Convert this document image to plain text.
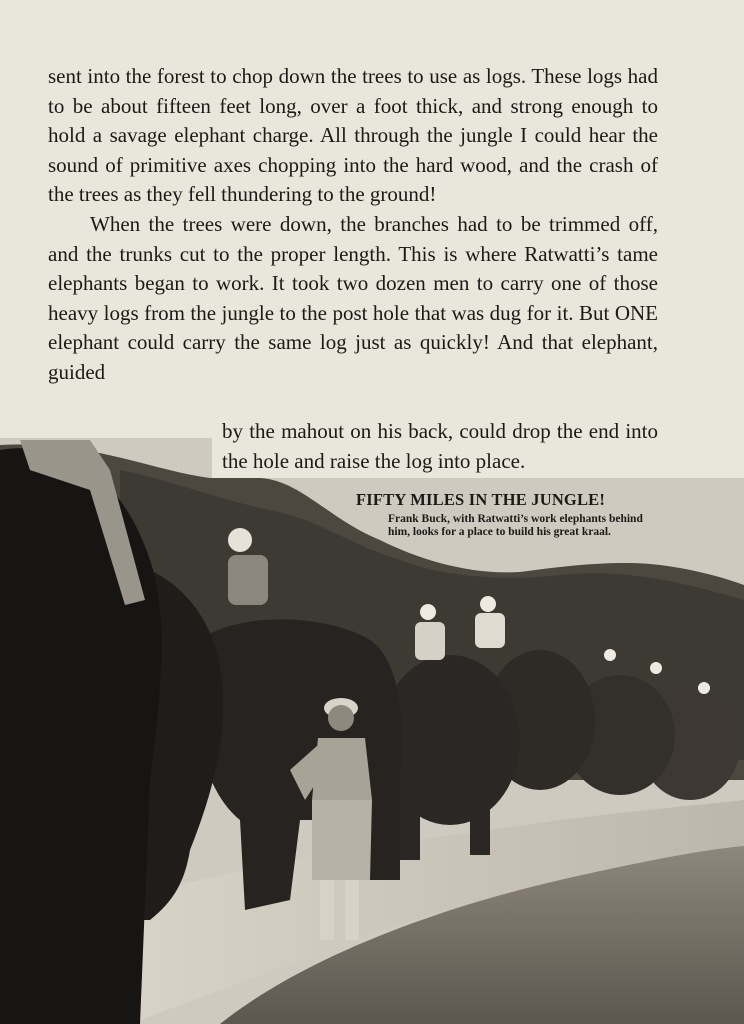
sent into the forest to chop down the trees to use as logs. These logs had to be about fifteen feet long, over a foot thick, and strong enough to hold a savage elephant charge. All through the jungle I could hear the sound of primitive axes chopping into the hard wood, and the crash of the trees as they fell thundering to the ground!

When the trees were down, the branches had to be trimmed off, and the trunks cut to the proper length. This is where Ratwatti’s tame elephants began to work. It took two dozen men to carry one of those heavy logs from the jungle to the post hole that was dug for it. But ONE elephant could carry the same log just as quickly! And that elephant, guided

by the mahout on his back, could drop the end into the hole and raise the log into place.
FIFTY MILES IN THE JUNGLE!
Frank Buck, with Ratwatti’s work elephants behind him, looks for a place to build his great kraal.
